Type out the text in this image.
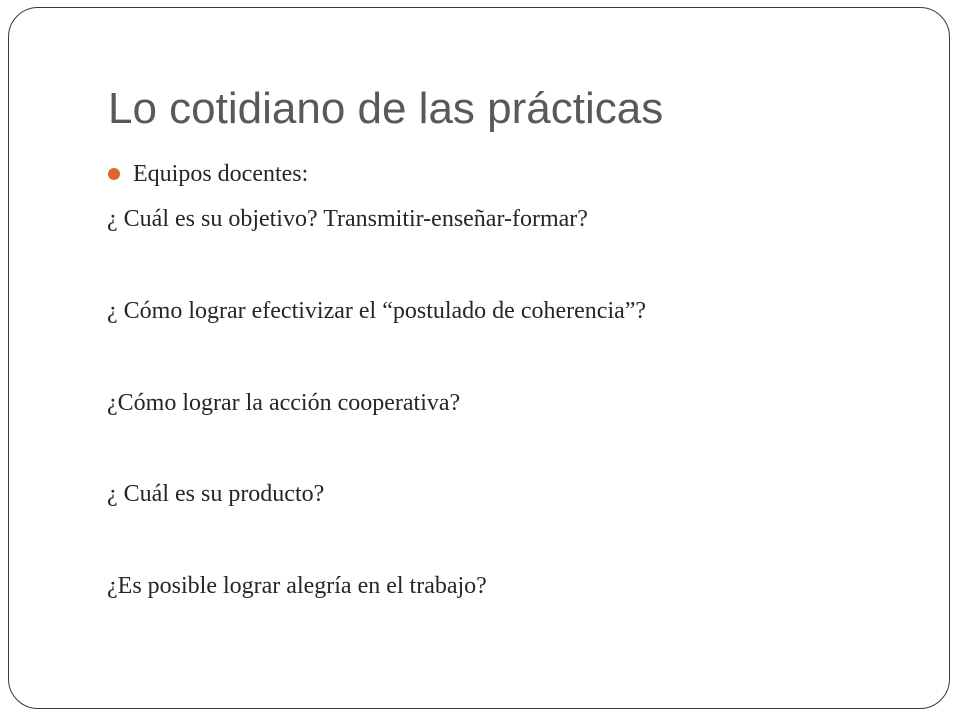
Lo cotidiano de las prácticas
Equipos docentes:
¿ Cuál es su objetivo? Transmitir-enseñar-formar?
¿ Cómo lograr efectivizar el “postulado de coherencia”?
¿Cómo lograr la acción cooperativa?
¿ Cuál es su producto?
¿Es posible lograr alegría en el trabajo?
